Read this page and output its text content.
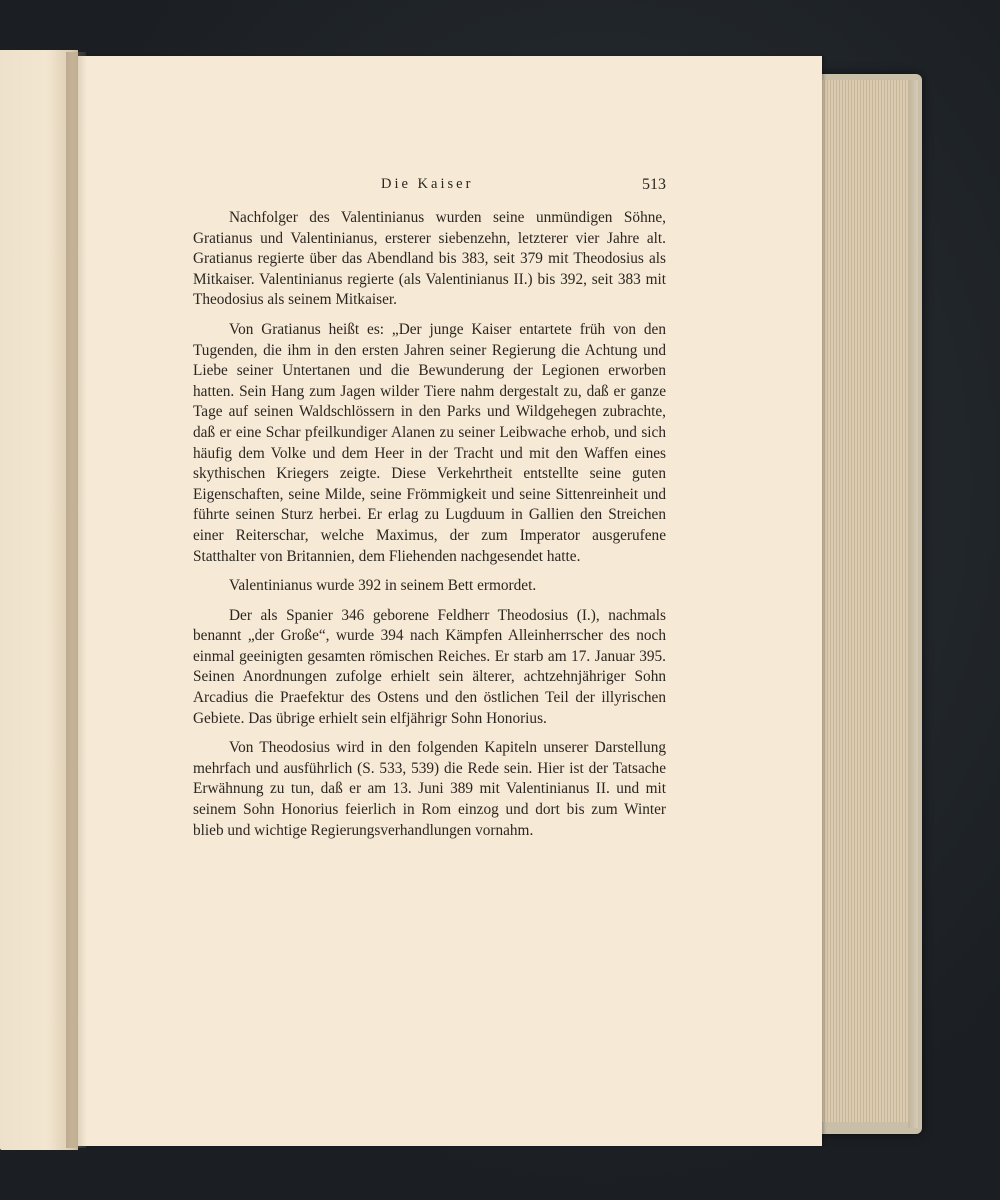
Die Kaiser	513

Nachfolger des Valentinianus wurden seine unmündigen Söhne, Gratianus und Valentinianus, ersterer siebenzehn, letzterer vier Jahre alt. Gratianus regierte über das Abendland bis 383, seit 379 mit Theodosius als Mitkaiser. Valentinianus regierte (als Valentinianus II.) bis 392, seit 383 mit Theodosius als seinem Mitkaiser.

Von Gratianus heißt es: „Der junge Kaiser entartete früh von den Tugenden, die ihm in den ersten Jahren seiner Regierung die Achtung und Liebe seiner Untertanen und die Bewunderung der Legionen erworben hatten. Sein Hang zum Jagen wilder Tiere nahm dergestalt zu, daß er ganze Tage auf seinen Waldschlössern in den Parks und Wildgehegen zubrachte, daß er eine Schar pfeilkundiger Alanen zu seiner Leibwache erhob, und sich häufig dem Volke und dem Heer in der Tracht und mit den Waffen eines skythischen Kriegers zeigte. Diese Verkehrtheit entstellte seine guten Eigenschaften, seine Milde, seine Frömmigkeit und seine Sittenreinheit und führte seinen Sturz herbei. Er erlag zu Lugduum in Gallien den Streichen einer Reiterschar, welche Maximus, der zum Imperator ausgerufene Statthalter von Britannien, dem Fliehenden nachgesendet hatte.

Valentinianus wurde 392 in seinem Bett ermordet.

Der als Spanier 346 geborene Feldherr Theodosius (I.), nachmals benannt „der Große“, wurde 394 nach Kämpfen Alleinherrscher des noch einmal geeinigten gesamten römischen Reiches. Er starb am 17. Januar 395. Seinen Anordnungen zufolge erhielt sein älterer, achtzehnjähriger Sohn Arcadius die Praefektur des Ostens und den östlichen Teil der illyrischen Gebiete. Das übrige erhielt sein elfjährigr Sohn Honorius.

Von Theodosius wird in den folgenden Kapiteln unserer Darstellung mehrfach und ausführlich (S. 533, 539) die Rede sein. Hier ist der Tatsache Erwähnung zu tun, daß er am 13. Juni 389 mit Valentinianus II. und mit seinem Sohn Honorius feierlich in Rom einzog und dort bis zum Winter blieb und wichtige Regierungsverhandlungen vornahm.
